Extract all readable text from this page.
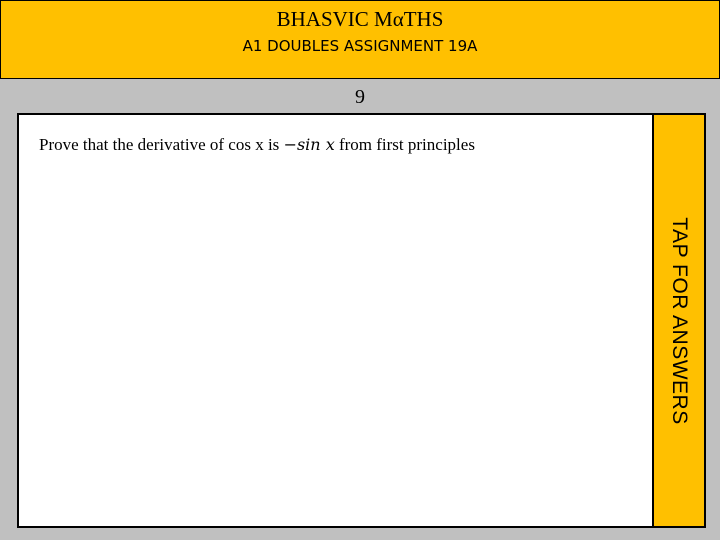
BHASVIC MαTHS
A1 DOUBLES ASSIGNMENT 19A
9
Prove that the derivative of cos x is −sin x from first principles
TAP FOR ANSWERS
